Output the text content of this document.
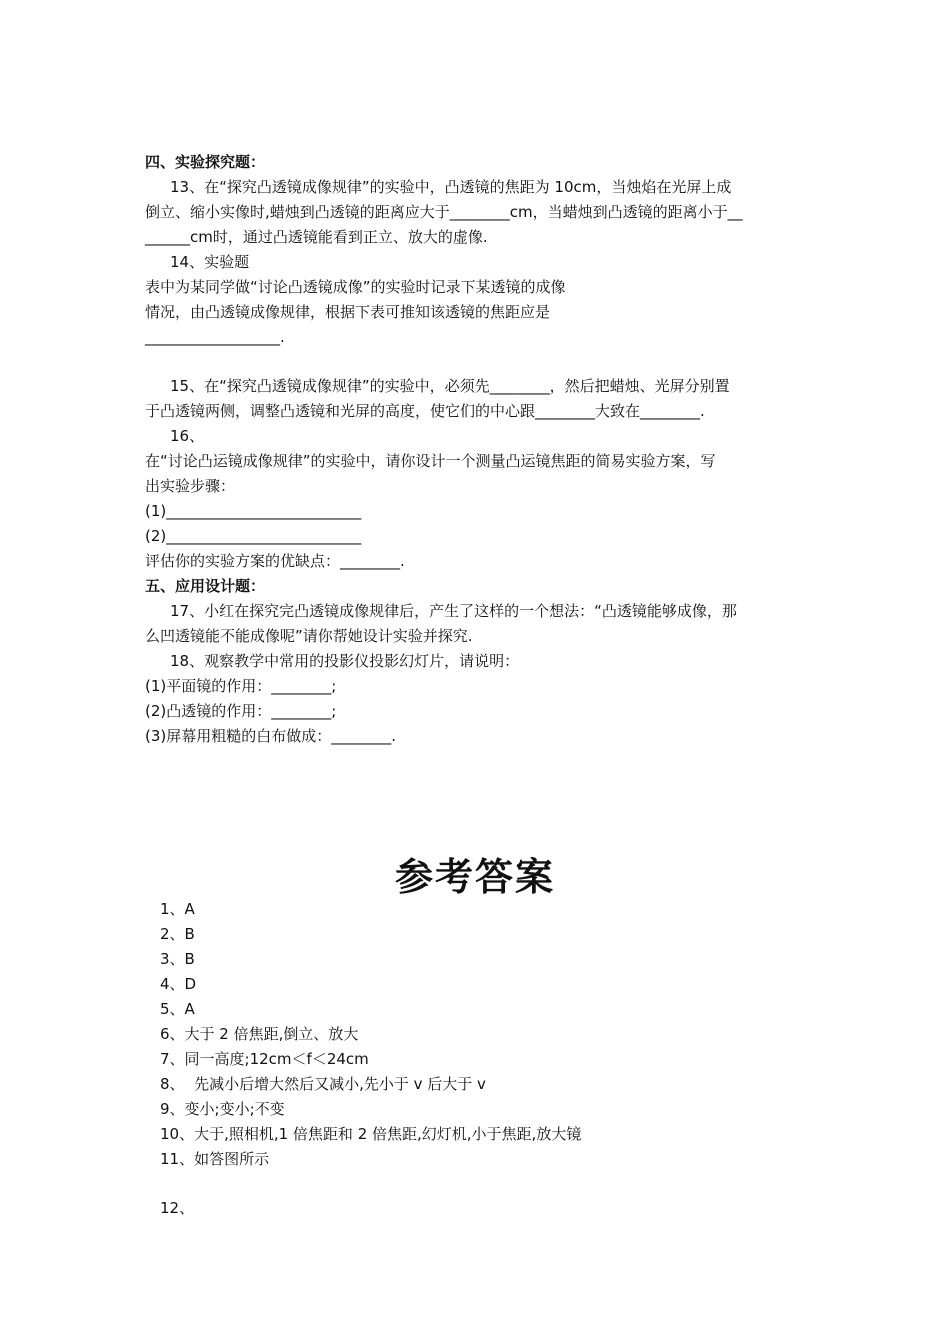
四、实验探究题：
13、在“探究凸透镜成像规律”的实验中，凸透镜的焦距为 10cm，当烛焰在光屏上成
倒立、缩小实像时,蜡烛到凸透镜的距离应大于________cm，当蜡烛到凸透镜的距离小于__
______cm时，通过凸透镜能看到正立、放大的虚像.
14、实验题
表中为某同学做“讨论凸透镜成像”的实验时记录下某透镜的成像
情况，由凸透镜成像规律，根据下表可推知该透镜的焦距应是
__________________.
15、在“探究凸透镜成像规律”的实验中，必须先________，然后把蜡烛、光屏分别置
于凸透镜两侧，调整凸透镜和光屏的高度，使它们的中心跟________大致在________.
16、
在“讨论凸运镜成像规律”的实验中，请你设计一个测量凸运镜焦距的简易实验方案，写
出实验步骤：
(1)__________________________
(2)__________________________
评估你的实验方案的优缺点：________.
五、应用设计题：
17、小红在探究完凸透镜成像规律后，产生了这样的一个想法：“凸透镜能够成像，那
么凹透镜能不能成像呢”请你帮她设计实验并探究.
18、观察教学中常用的投影仪投影幻灯片，请说明：
(1)平面镜的作用：________;
(2)凸透镜的作用：________;
(3)屏幕用粗糙的白布做成：________.
参考答案
1、A
2、B
3、B
4、D
5、A
6、大于 2 倍焦距,倒立、放大
7、同一高度;12cm＜f＜24cm
8、  先减小后增大然后又减小,先小于 v 后大于 v
9、变小;变小;不变
10、大于,照相机,1 倍焦距和 2 倍焦距,幻灯机,小于焦距,放大镜
11、如答图所示
12、
